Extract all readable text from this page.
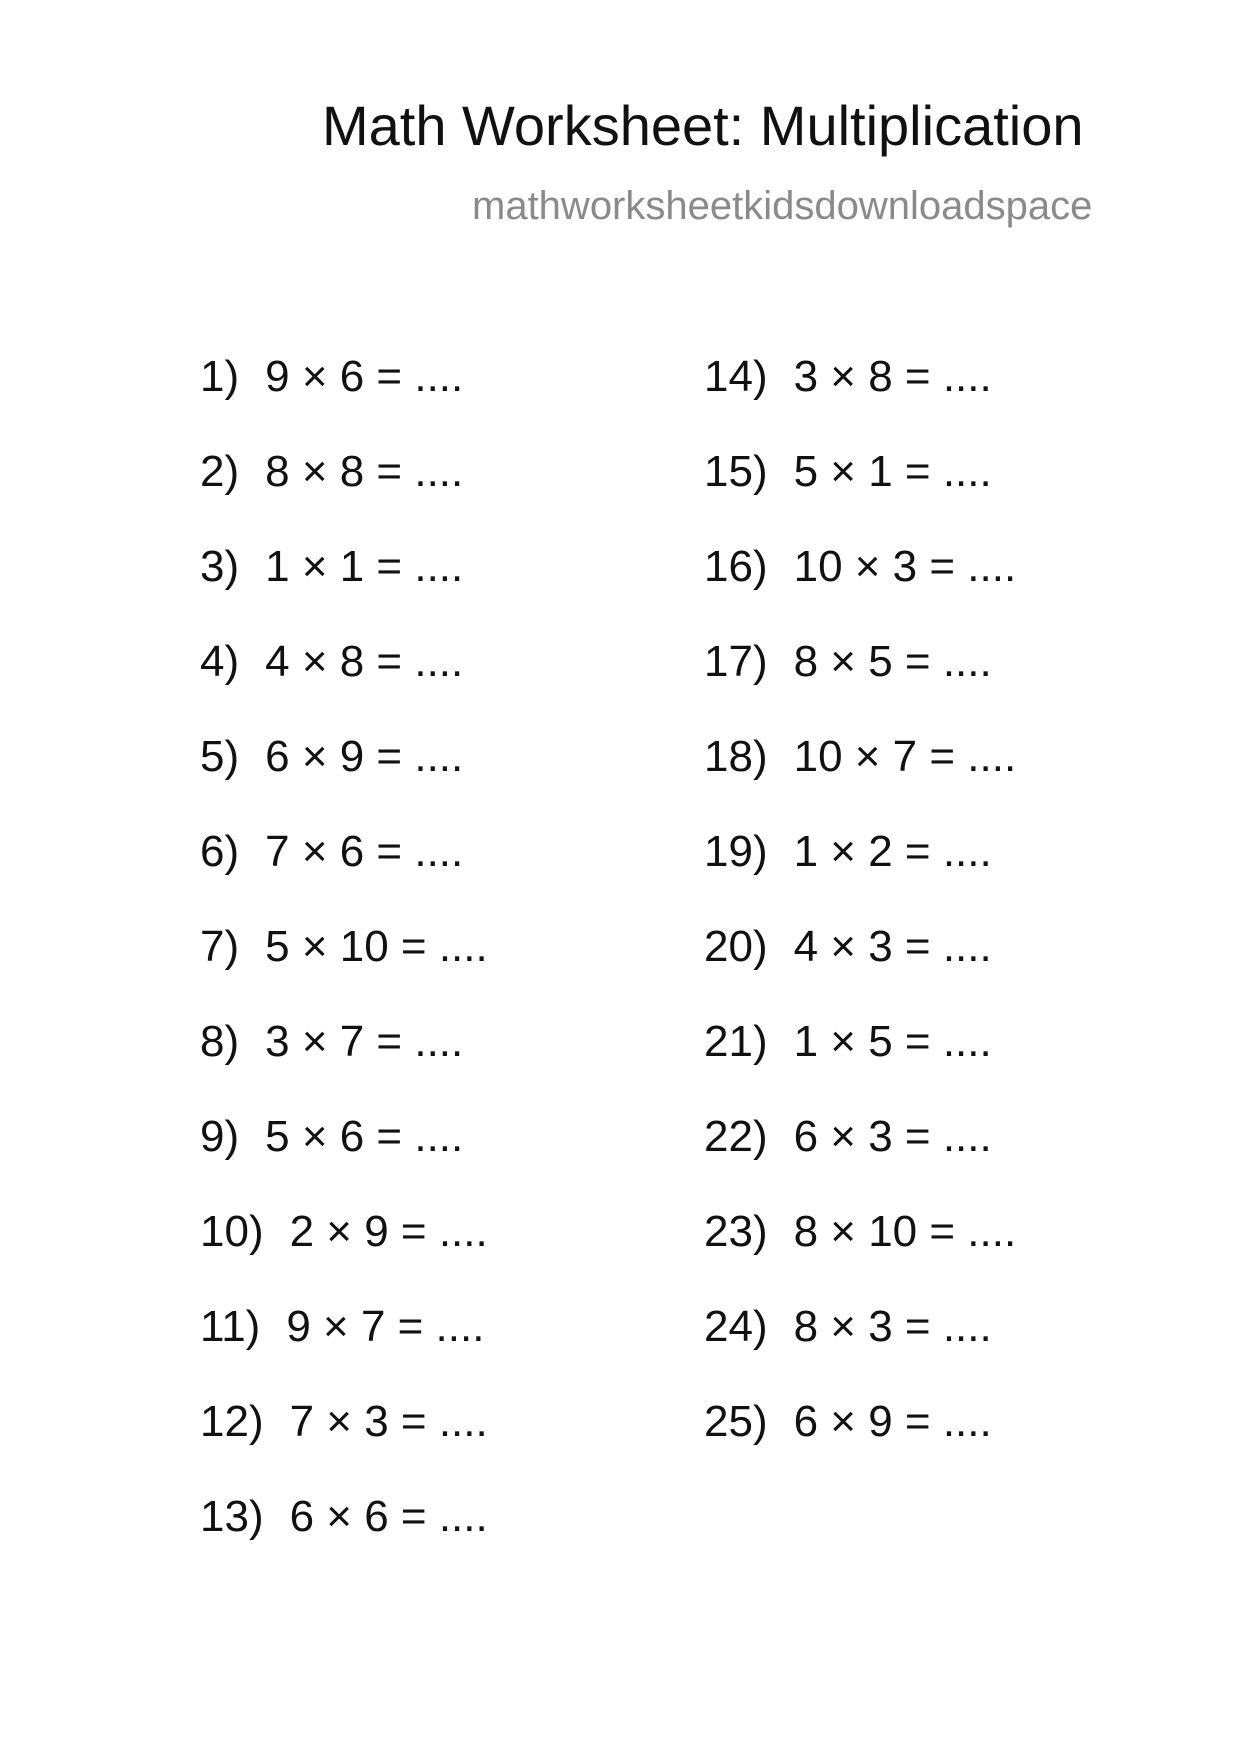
Math Worksheet: Multiplication
mathworksheetkidsdownloadspace
1) 9 × 6 = ....
2) 8 × 8 = ....
3) 1 × 1 = ....
4) 4 × 8 = ....
5) 6 × 9 = ....
6) 7 × 6 = ....
7) 5 × 10 = ....
8) 3 × 7 = ....
9) 5 × 6 = ....
10) 2 × 9 = ....
11) 9 × 7 = ....
12) 7 × 3 = ....
13) 6 × 6 = ....
14) 3 × 8 = ....
15) 5 × 1 = ....
16) 10 × 3 = ....
17) 8 × 5 = ....
18) 10 × 7 = ....
19) 1 × 2 = ....
20) 4 × 3 = ....
21) 1 × 5 = ....
22) 6 × 3 = ....
23) 8 × 10 = ....
24) 8 × 3 = ....
25) 6 × 9 = ....
